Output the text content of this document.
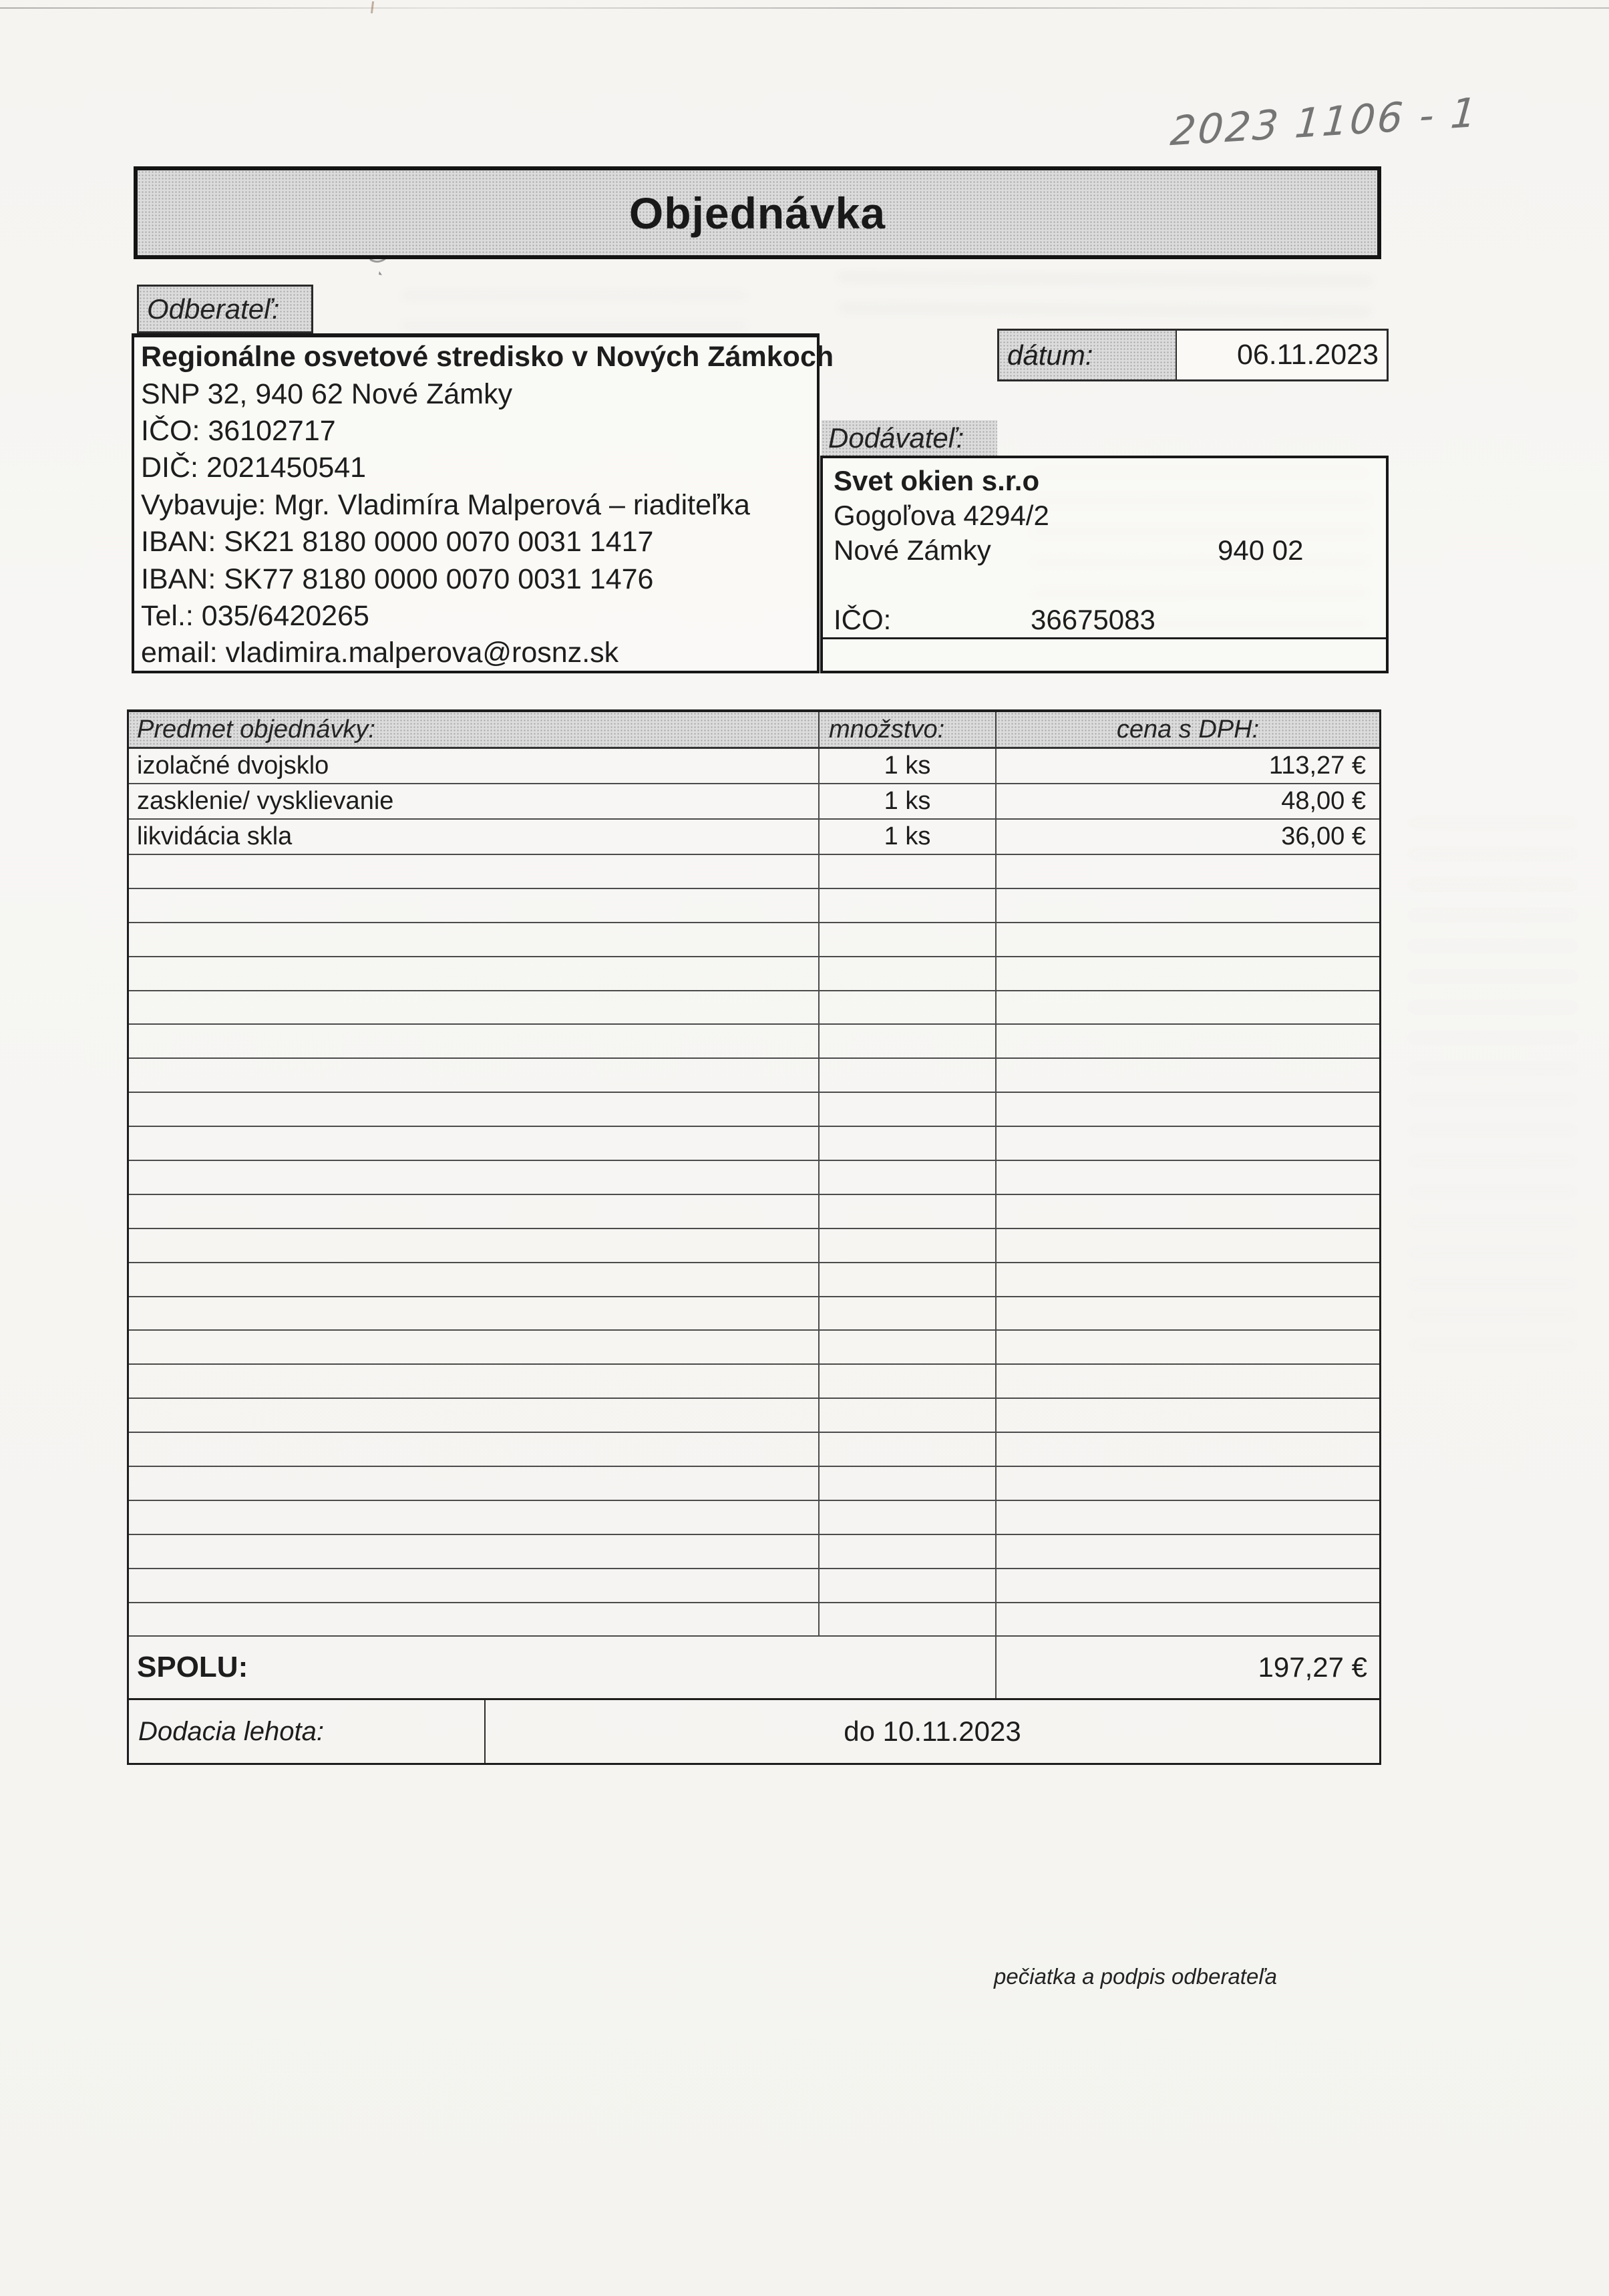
2023 1106 - 1
Objednávka
Odberateľ:
Regionálne osvetové stredisko v Nových Zámkoch
SNP 32, 940 62 Nové Zámky
IČO: 36102717
DIČ: 2021450541
Vybavuje: Mgr. Vladimíra Malperová – riaditeľka
IBAN: SK21 8180 0000 0070 0031 1417
IBAN: SK77 8180 0000 0070 0031 1476
Tel.: 035/6420265
email: vladimira.malperova@rosnz.sk
dátum:	06.11.2023
Dodávateľ:
Svet okien s.r.o
Gogoľova 4294/2
Nové Zámky	940 02
IČO:	36675083
Predmet objednávky:	množstvo:	cena s DPH:
izolačné dvojsklo	1 ks	113,27 €
zasklenie/ vysklievanie	1 ks	48,00 €
likvidácia skla	1 ks	36,00 €
SPOLU:	197,27 €
Dodacia lehota:	do 10.11.2023
pečiatka a podpis odberateľa
